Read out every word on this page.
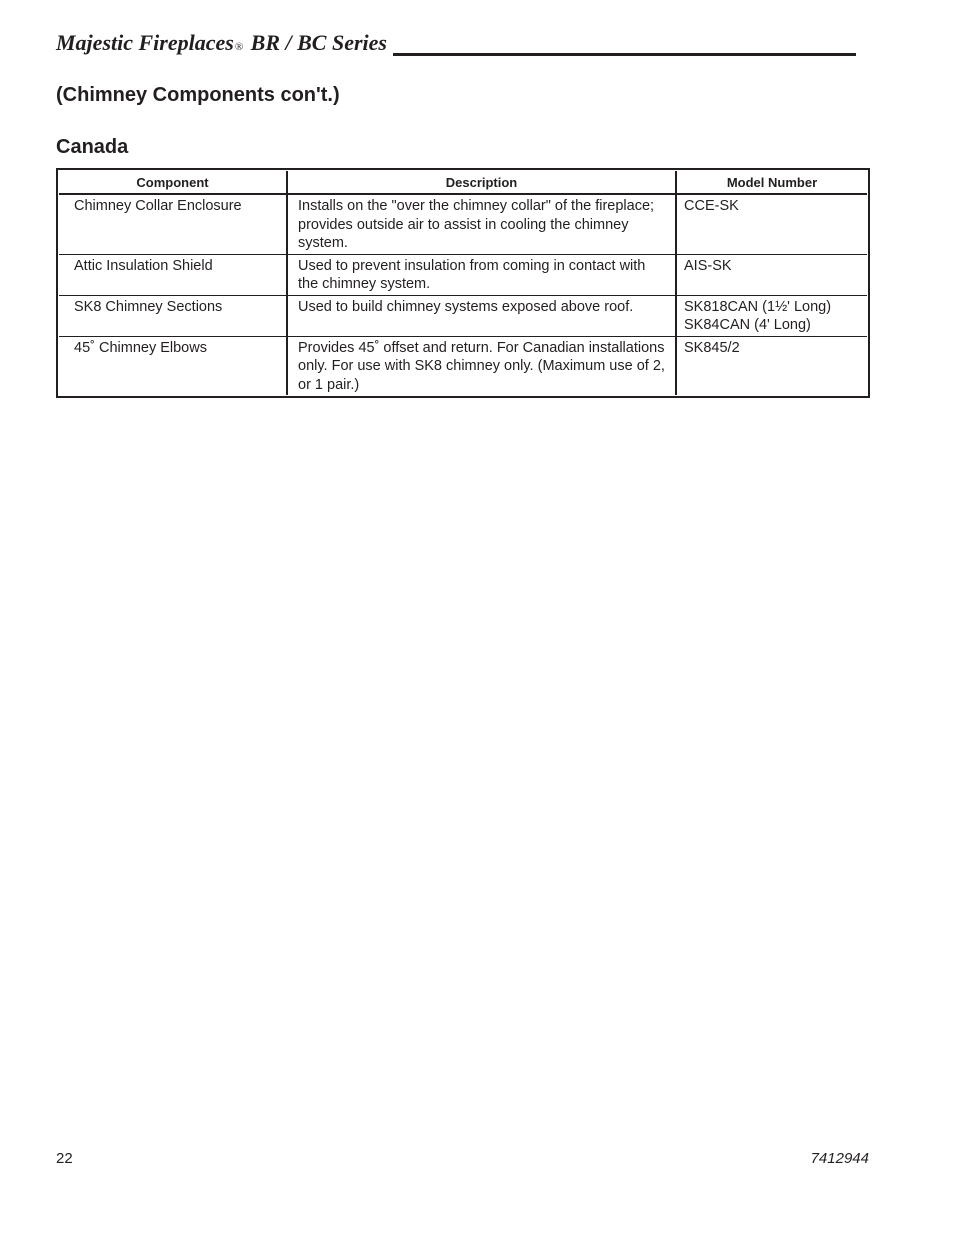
Majestic Fireplaces® BR / BC Series
(Chimney Components con't.)
Canada
Component	Description	Model Number
Chimney Collar Enclosure	Installs on the "over the chimney collar" of the fireplace; provides outside air to assist in cooling the chimney system.	CCE-SK

Attic Insulation Shield	Used to prevent insulation from coming in contact with the chimney system.	AIS-SK

SK8 Chimney Sections	Used to build chimney systems exposed above roof.	SK818CAN (1½' Long)
SK84CAN (4' Long)

45˚ Chimney Elbows	Provides 45˚ offset and return. For Canadian installations only. For use with SK8 chimney only. (Maximum use of 2, or 1 pair.)	SK845/2
22	7412944
